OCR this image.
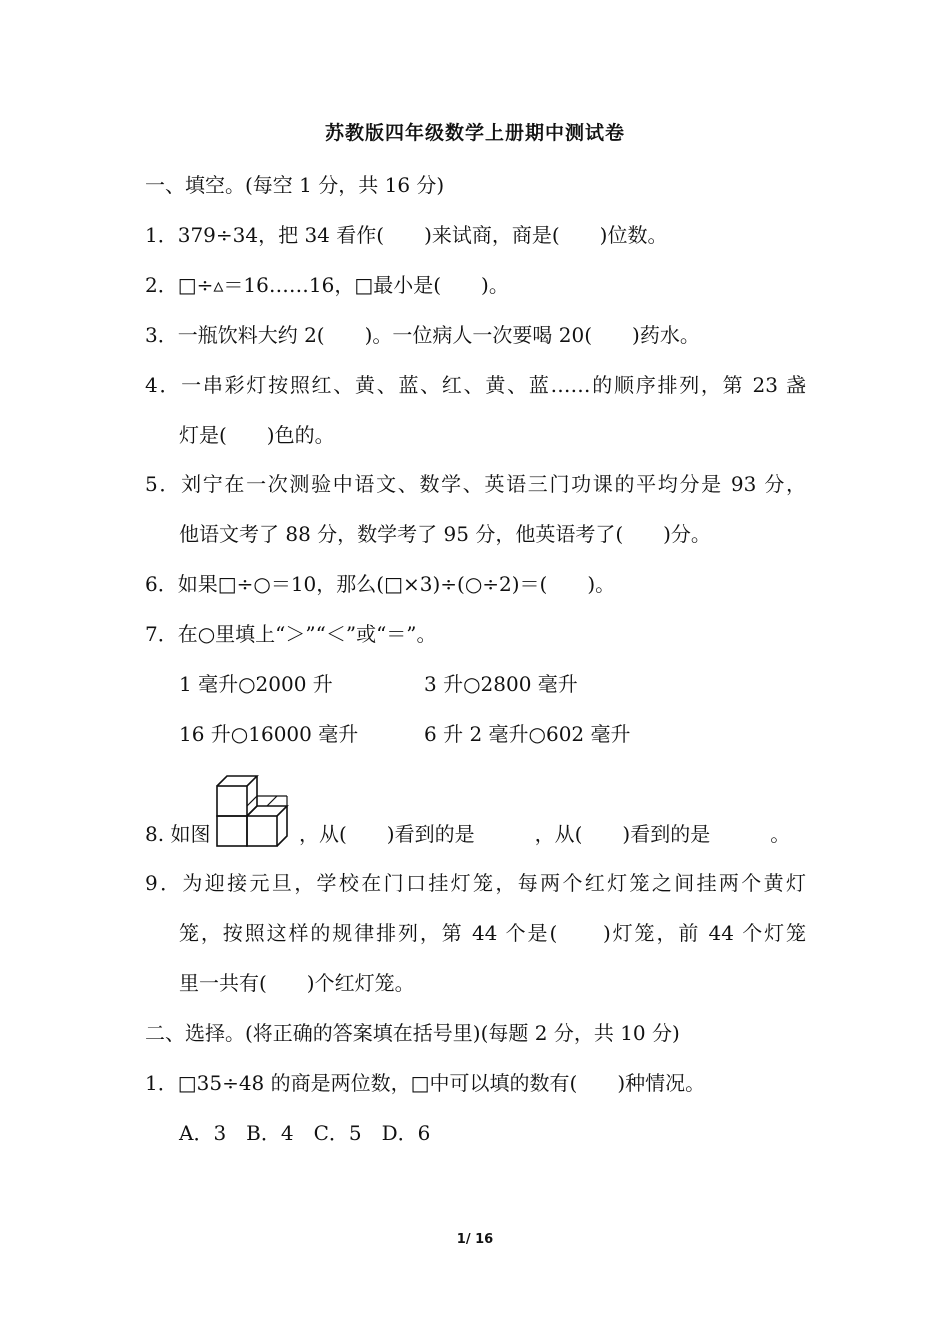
苏教版四年级数学上册期中测试卷
一、填空。(每空 1 分，共 16 分)
1．379÷34，把 34 看作(　　)来试商，商是(　　)位数。
2．□÷▵＝16……16，□最小是(　　)。
3．一瓶饮料大约 2(　　)。一位病人一次要喝 20(　　)药水。
4．一串彩灯按照红、黄、蓝、红、黄、蓝……的顺序排列，第 23 盏
灯是(　　)色的。
5．刘宁在一次测验中语文、数学、英语三门功课的平均分是 93 分，
他语文考了 88 分，数学考了 95 分，他英语考了(　　)分。
6．如果□÷○＝10，那么(□×3)÷(○÷2)＝(　　)。
7．在○里填上“＞”“＜”或“＝”。
1 毫升○2000 升	3 升○2800 毫升
16 升○16000 毫升	6 升 2 毫升○602 毫升
8. 如图	，从(　　)看到的是　　　，从(　　)看到的是　　　。
9．为迎接元旦，学校在门口挂灯笼，每两个红灯笼之间挂两个黄灯
笼，按照这样的规律排列，第 44 个是(　　)灯笼，前 44 个灯笼
里一共有(　　)个红灯笼。
二、选择。(将正确的答案填在括号里)(每题 2 分，共 10 分)
1．□35÷48 的商是两位数，□中可以填的数有(　　)种情况。
A．3　B．4　C．5　D．6
1/ 16
